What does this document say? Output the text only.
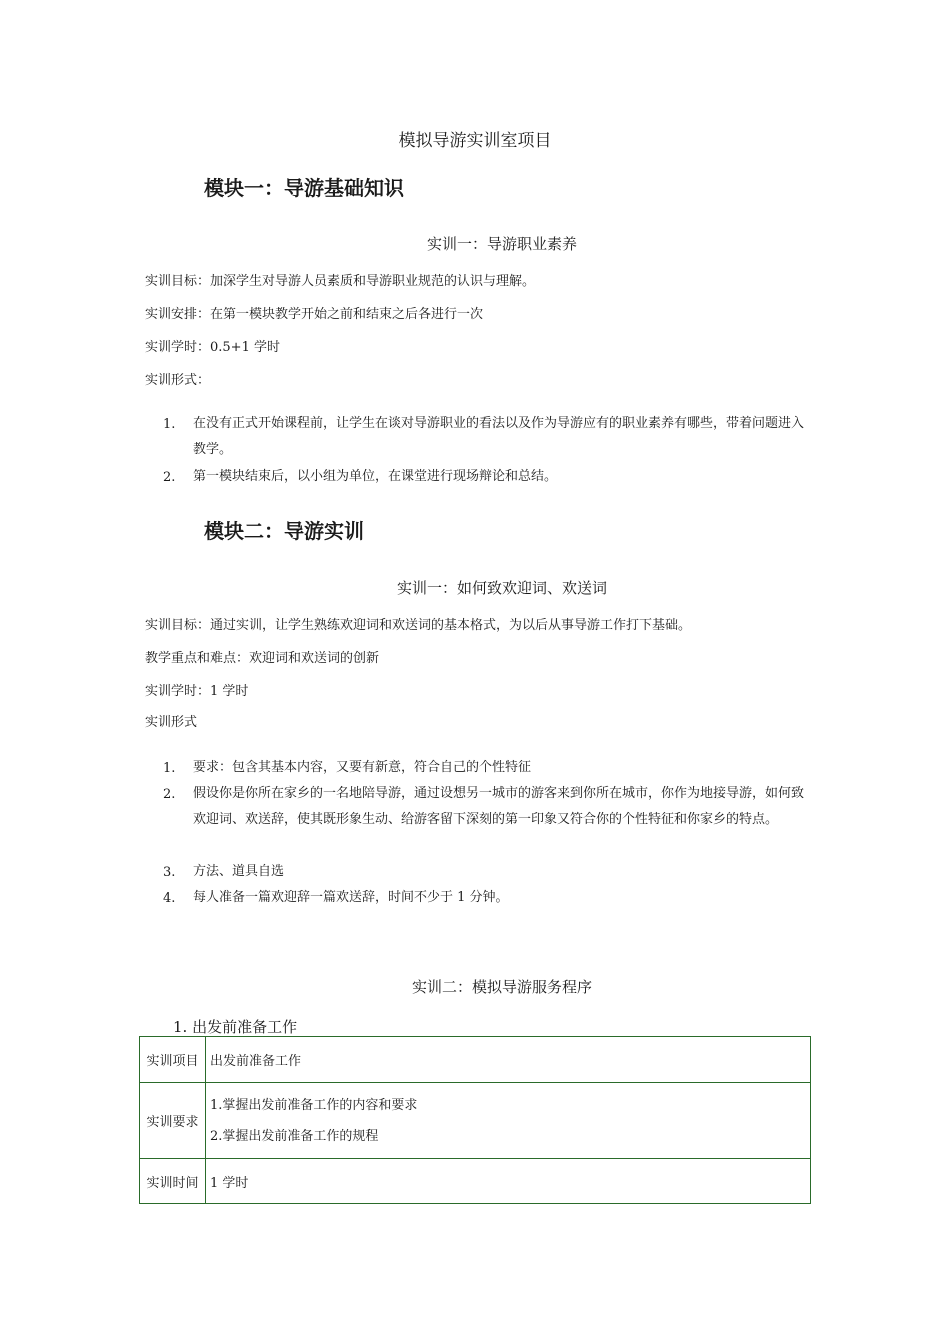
模拟导游实训室项目
模块一：导游基础知识
实训一：导游职业素养
实训目标：加深学生对导游人员素质和导游职业规范的认识与理解。
实训安排：在第一模块教学开始之前和结束之后各进行一次
实训学时：0.5+1 学时
实训形式：
1. 在没有正式开始课程前，让学生在谈对导游职业的看法以及作为导游应有的职业素养有哪些，带着问题进入教学。
2. 第一模块结束后，以小组为单位，在课堂进行现场辩论和总结。
模块二：导游实训
实训一：如何致欢迎词、欢送词
实训目标：通过实训，让学生熟练欢迎词和欢送词的基本格式，为以后从事导游工作打下基础。
教学重点和难点：欢迎词和欢送词的创新
实训学时：1 学时
实训形式
1. 要求：包含其基本内容，又要有新意，符合自己的个性特征
2. 假设你是你所在家乡的一名地陪导游，通过设想另一城市的游客来到你所在城市，你作为地接导游，如何致欢迎词、欢送辞，使其既形象生动、给游客留下深刻的第一印象又符合你的个性特征和你家乡的特点。
3. 方法、道具自选
4. 每人准备一篇欢迎辞一篇欢送辞，时间不少于 1 分钟。
实训二：模拟导游服务程序
1. 出发前准备工作
实训项目	出发前准备工作
实训要求	1.掌握出发前准备工作的内容和要求
2.掌握出发前准备工作的规程

实训时间	1 学时
